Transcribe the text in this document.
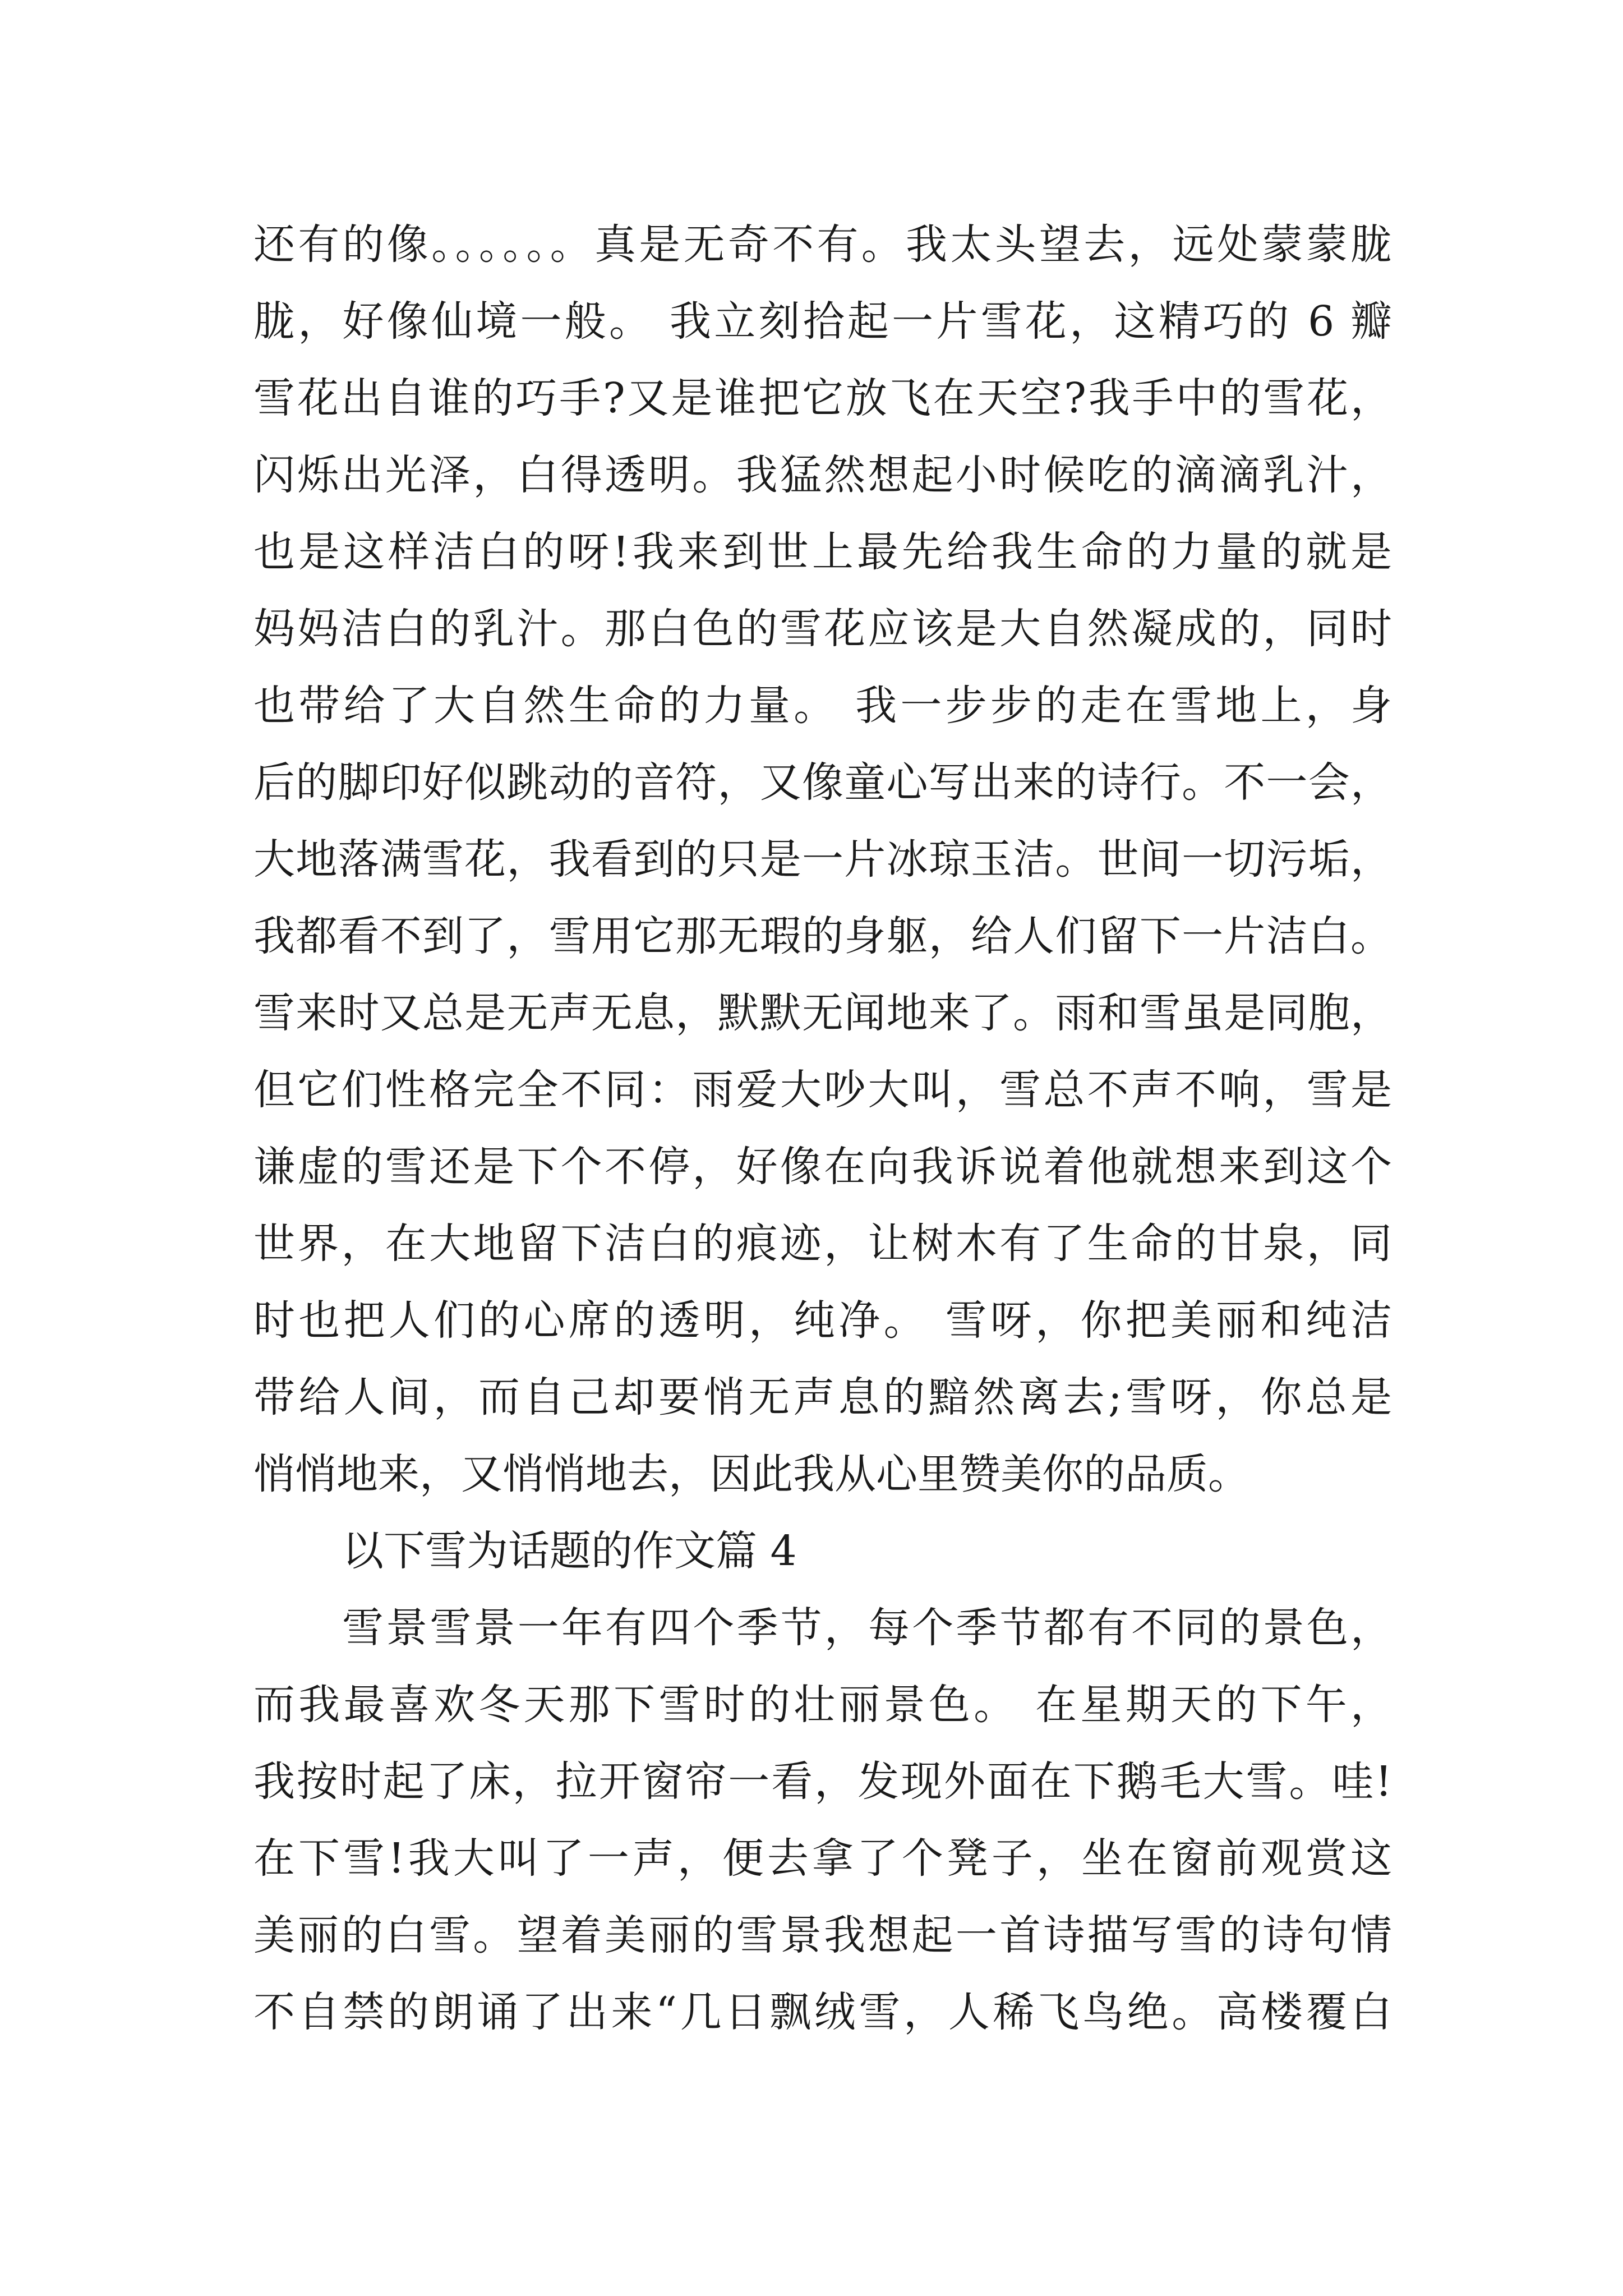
还有的像。。。。。。真是无奇不有。我太头望去，远处蒙蒙胧
胧，好像仙境一般。 我立刻拾起一片雪花，这精巧的 6 瓣
雪花出自谁的巧手?又是谁把它放飞在天空?我手中的雪花，
闪烁出光泽，白得透明。我猛然想起小时候吃的滴滴乳汁，
也是这样洁白的呀!我来到世上最先给我生命的力量的就是
妈妈洁白的乳汁。那白色的雪花应该是大自然凝成的，同时
也带给了大自然生命的力量。 我一步步的走在雪地上，身
后的脚印好似跳动的音符，又像童心写出来的诗行。不一会，
大地落满雪花，我看到的只是一片冰琼玉洁。世间一切污垢，
我都看不到了，雪用它那无瑕的身躯，给人们留下一片洁白。
雪来时又总是无声无息，默默无闻地来了。雨和雪虽是同胞，
但它们性格完全不同：雨爱大吵大叫，雪总不声不响，雪是
谦虚的雪还是下个不停，好像在向我诉说着他就想来到这个
世界，在大地留下洁白的痕迹，让树木有了生命的甘泉，同
时也把人们的心席的透明，纯净。 雪呀，你把美丽和纯洁
带给人间，而自己却要悄无声息的黯然离去;雪呀，你总是
悄悄地来，又悄悄地去，因此我从心里赞美你的品质。
以下雪为话题的作文篇 4
雪景雪景一年有四个季节，每个季节都有不同的景色，
而我最喜欢冬天那下雪时的壮丽景色。 在星期天的下午，
我按时起了床，拉开窗帘一看，发现外面在下鹅毛大雪。哇!
在下雪!我大叫了一声，便去拿了个凳子，坐在窗前观赏这
美丽的白雪。望着美丽的雪景我想起一首诗描写雪的诗句情
不自禁的朗诵了出来“几日飘绒雪，人稀飞鸟绝。高楼覆白
